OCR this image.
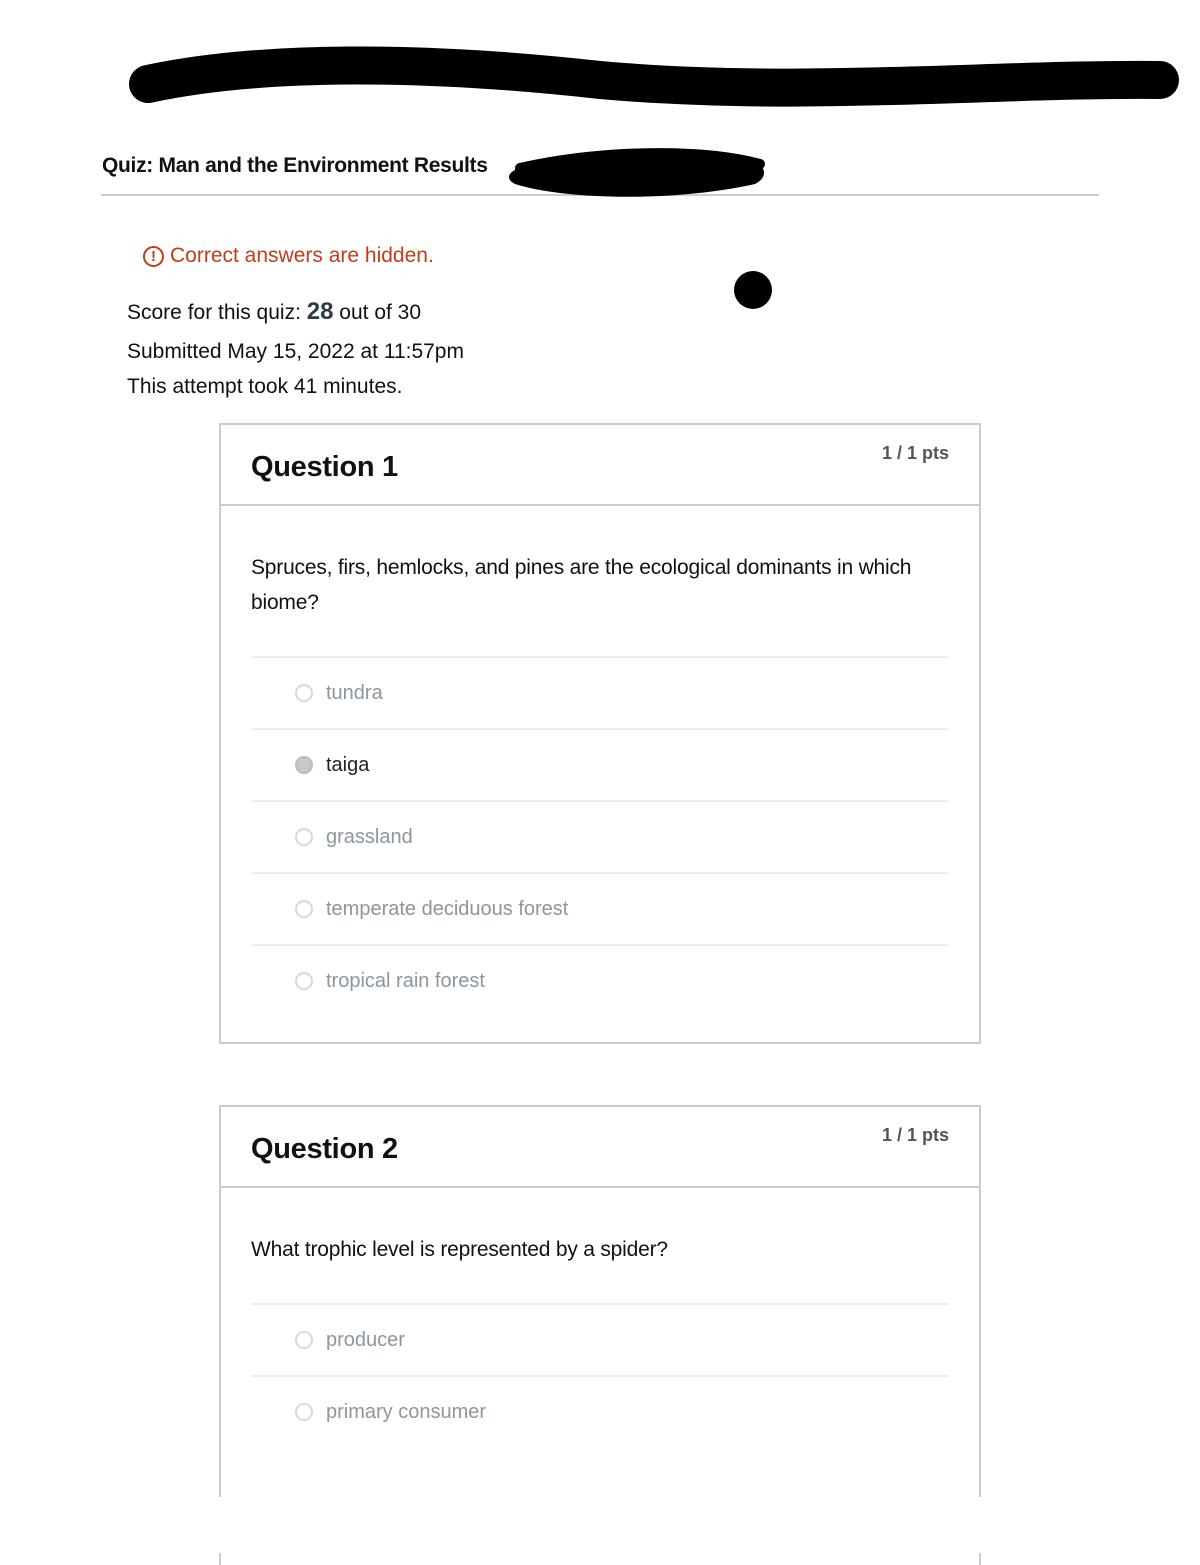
Quiz: Man and the Environment Results
! Correct answers are hidden.
Score for this quiz: 28 out of 30
Submitted May 15, 2022 at 11:57pm
This attempt took 41 minutes.
Question 1	1 / 1 pts

Spruces, firs, hemlocks, and pines are the ecological dominants in which biome?

tundra
taiga
grassland
temperate deciduous forest
tropical rain forest
Question 2	1 / 1 pts

What trophic level is represented by a spider?

producer
primary consumer
